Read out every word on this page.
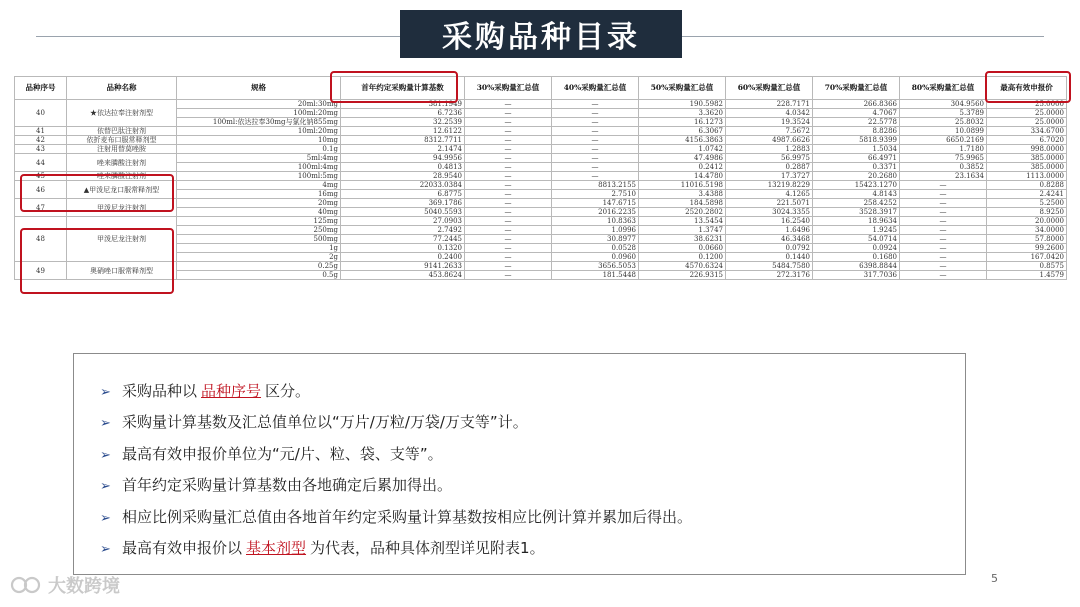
采购品种目录
品种序号	品种名称	规格	首年约定采购量计算基数	30%采购量汇总值	40%采购量汇总值	50%采购量汇总值	60%采购量汇总值	70%采购量汇总值	80%采购量汇总值	最高有效申报价
40	★依达拉奉注射剂型	20ml:30mg	381.1949	—	—	190.5982	228.7171	266.8366	304.9560	25.0000
		100ml:20mg	6.7236	—	—	3.3620	4.0342	4.7067	5.3789	25.0000
		100ml:依达拉奉30mg与氯化钠855mg	32.2539	—	—	16.1273	19.3524	22.5778	25.8032	25.0000
41	依替巴肽注射剂	10ml:20mg	12.6122	—	—	6.3067	7.5672	8.8286	10.0899	334.6700
42	依折麦布口服常释剂型	10mg	8312.7711	—	—	4156.3863	4987.6626	5818.9399	6650.2169	6.7020
43	注射用替莫唑胺	0.1g	2.1474	—	—	1.0742	1.2883	1.5034	1.7180	998.0000
44	唑来膦酸注射剂	5ml:4mg	94.9956	—	—	47.4986	56.9975	66.4971	75.9965	385.0000
		100ml:4mg	0.4813	—	—	0.2412	0.2887	0.3371	0.3852	385.0000
45	唑来膦酸注射剂	100ml:5mg	28.9540	—	—	14.4780	17.3727	20.2680	23.1634	1113.0000
46	▲甲泼尼龙口服常释剂型	4mg	22033.0384	—	8813.2155	11016.5198	13219.8229	15423.1270	—	0.8288
		16mg	6.8775	—	2.7510	3.4388	4.1265	4.8143	—	2.4241
47	甲泼尼龙注射剂	20mg	369.1786	—	147.6715	184.5898	221.5071	258.4252	—	5.2500
		40mg	5040.5593	—	2016.2235	2520.2802	3024.3355	3528.3917	—	8.9250
48	甲泼尼龙注射剂	125mg	27.0903	—	10.8363	13.5454	16.2540	18.9634	—	20.0000
		250mg	2.7492	—	1.0996	1.3747	1.6496	1.9245	—	34.0000
		500mg	77.2445	—	30.8977	38.6231	46.3468	54.0714	—	57.8000
		1g	0.1320	—	0.0528	0.0660	0.0792	0.0924	—	99.2600
		2g	0.2400	—	0.0960	0.1200	0.1440	0.1680	—	167.0420
49	奥硝唑口服常释剂型	0.25g	9141.2633	—	3656.5053	4570.6324	5484.7580	6398.8844	—	0.8575
		0.5g	453.8624	—	181.5448	226.9315	272.3176	317.7036	—	1.4579
➢ 采购品种以 品种序号 区分。
➢ 采购量计算基数及汇总值单位以“万片/万粒/万袋/万支等”计。
➢ 最高有效申报价单位为“元/片、粒、袋、支等”。
➢ 首年约定采购量计算基数由各地确定后累加得出。
➢ 相应比例采购量汇总值由各地首年约定采购量计算基数按相应比例计算并累加后得出。
➢ 最高有效申报价以 基本剂型 为代表，品种具体剂型详见附表1。
大数跨境	5
